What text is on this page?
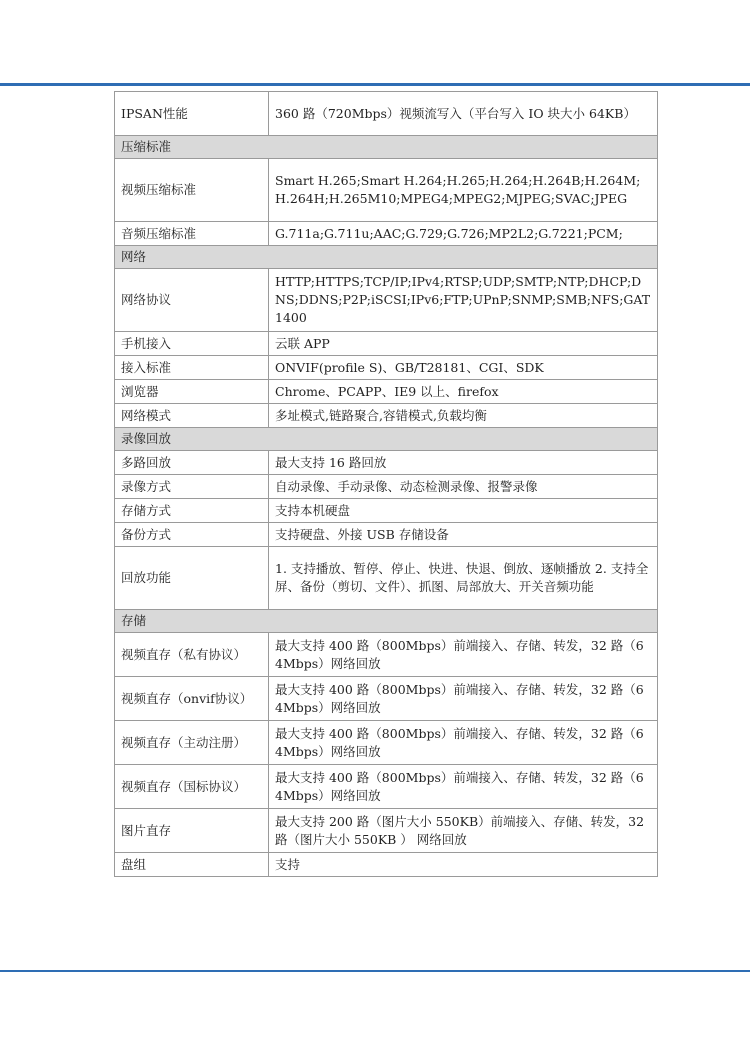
IPSAN性能	360 路（720Mbps）视频流写入（平台写入 IO 块大小 64KB）
压缩标准	
视频压缩标准	Smart H.265;Smart H.264;H.265;H.264;H.264B;H.264M;H.264H;H.265M10;MPEG4;MPEG2;MJPEG;SVAC;JPEG
音频压缩标准	G.711a;G.711u;AAC;G.729;G.726;MP2L2;G.7221;PCM;
网络	
网络协议	HTTP;HTTPS;TCP/IP;IPv4;RTSP;UDP;SMTP;NTP;DHCP;DNS;DDNS;P2P;iSCSI;IPv6;FTP;UPnP;SNMP;SMB;NFS;GAT1400
手机接入	云联 APP
接入标准	ONVIF(profile S)、GB/T28181、CGI、SDK
浏览器	Chrome、PCAPP、IE9 以上、firefox
网络模式	多址模式,链路聚合,容错模式,负载均衡
录像回放	
多路回放	最大支持 16 路回放
录像方式	自动录像、手动录像、动态检测录像、报警录像
存储方式	支持本机硬盘
备份方式	支持硬盘、外接 USB 存储设备
回放功能	1. 支持播放、暂停、停止、快进、快退、倒放、逐帧播放 2. 支持全屏、备份（剪切、文件）、抓图、局部放大、开关音频功能
存储	
视频直存（私有协议）	最大支持 400 路（800Mbps）前端接入、存储、转发，32 路（64Mbps）网络回放
视频直存（onvif协议）	最大支持 400 路（800Mbps）前端接入、存储、转发，32 路（64Mbps）网络回放
视频直存（主动注册）	最大支持 400 路（800Mbps）前端接入、存储、转发，32 路（64Mbps）网络回放
视频直存（国标协议）	最大支持 400 路（800Mbps）前端接入、存储、转发，32 路（64Mbps）网络回放
图片直存	最大支持 200 路（图片大小 550KB）前端接入、存储、转发，32 路（图片大小 550KB ） 网络回放
盘组	支持
